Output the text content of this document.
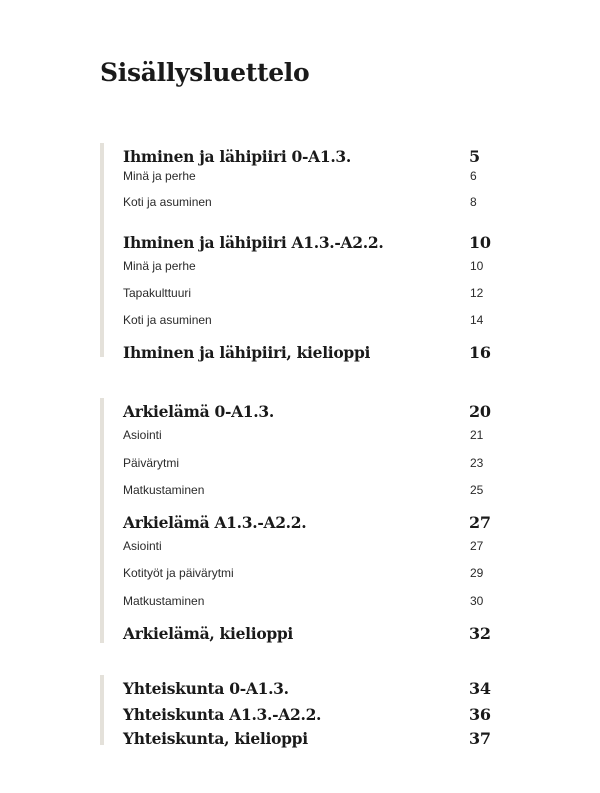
Sisällysluettelo
Ihminen ja lähipiiri 0-A1.3.	5
Minä ja perhe	6
Koti ja asuminen	8
Ihminen ja lähipiiri A1.3.-A2.2.	10
Minä ja perhe	10
Tapakulttuuri	12
Koti ja asuminen	14
Ihminen ja lähipiiri, kielioppi	16
Arkielämä 0-A1.3.	20
Asiointi	21
Päivärytmi	23
Matkustaminen	25
Arkielämä A1.3.-A2.2.	27
Asiointi	27
Kotityöt ja päivärytmi	29
Matkustaminen	30
Arkielämä, kielioppi	32
Yhteiskunta 0-A1.3.	34
Yhteiskunta A1.3.-A2.2.	36
Yhteiskunta, kielioppi	37
